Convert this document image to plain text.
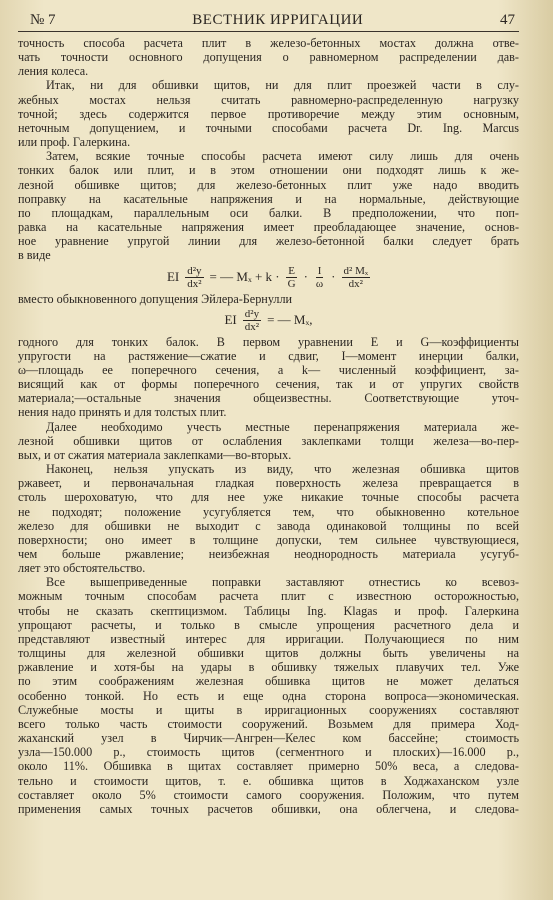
№ 7	ВЕСТНИК ИРРИГАЦИИ	47

точность способа расчета плит в железо-бетонных мостах должна отве-
чать точности основного допущения о равномерном распределении дав-
ления колеса.

Итак, ни для обшивки щитов, ни для плит проезжей части в слу-
жебных мостах нельзя считать равномерно-распределенную нагрузку
точной; здесь содержится первое противоречие между этим основным,
неточным допущением, и точными способами расчета Dr. Ing. Marcus
или проф. Галеркина.

Затем, всякие точные способы расчета имеют силу лишь для очень
тонких балок или плит, и в этом отношении они подходят лишь к же-
лезной обшивке щитов; для железо-бетонных плит уже надо вводить
поправку на касательные напряжения и на нормальные, действующие
по площадкам, параллельным оси балки. В предположении, что поп-
равка на касательные напряжения имеет преобладающее значение, основ-
ное уравнение упругой линии для железо-бетонной балки следует брать
в виде

EI $\frac{\text{d²y}}{\text{dx²}}$ = — $M_x + k \cdot \frac{E}{G} \cdot \frac{I}{\omega} \cdot \frac{\text{d² Mₓ}}{\text{dx²}}$

вместо обыкновенного допущения Эйлера-Бернулли

EI $\frac{\text{d²y}}{\text{dx²}}$ = — Mₓ,

годного для тонких балок. В первом уравнении E и G—коэффициенты
упругости на растяжение—сжатие и сдвиг, I—момент инерции балки,
ω—площадь ее поперечного сечения, а k— численный коэффициент, за-
висящий как от формы поперечного сечения, так и от упругих свойств
материала;—остальные значения общеизвестны. Соответствующие уточ-
нения надо принять и для толстых плит.

Далее необходимо учесть местные перенапряжения материала же-
лезной обшивки щитов от ослабления заклепками толщи железа—во-пер-
вых, и от сжатия материала заклепками—во-вторых.

Наконец, нельзя упускать из виду, что железная обшивка щитов
ржавеет, и первоначальная гладкая поверхность железа превращается в
столь шероховатую, что для нее уже никакие точные способы расчета
не подходят; положение усугубляется тем, что обыкновенно котельное
железо для обшивки не выходит с завода одинаковой толщины по всей
поверхности; оно имеет в толщине допуски, тем сильнее чувствующиеся,
чем больше ржавление; неизбежная неоднородность материала усугуб-
ляет это обстоятельство.

Все вышеприведенные поправки заставляют отнестись ко всевоз-
можным точным способам расчета плит с известною осторожностью,
чтобы не сказать скептицизмом. Таблицы Ing. Klagas и проф. Галеркина
упрощают расчеты, и только в смысле упрощения расчетного дела и
представляют известный интерес для ирригации. Получающиеся по ним
толщины для железной обшивки щитов должны быть увеличены на
ржавление и хотя-бы на удары в обшивку тяжелых плавучих тел. Уже
по этим соображениям железная обшивка щитов не может делаться
особенно тонкой. Но есть и еще одна сторона вопроса—экономическая.
Служебные мосты и щиты в ирригационных сооружениях составляют
всего только часть стоимости сооружений. Возьмем для примера Ход-
жаханский узел в Чирчик—Ангрен—Келес ком бассейне; стоимость
узла—150.000 р., стоимость щитов (сегментного и плоских)—16.000 р.,
около 11%. Обшивка в щитах составляет примерно 50% веса, а следова-
тельно и стоимости щитов, т. е. обшивка щитов в Ходжаханском узле
составляет около 5% стоимости самого сооружения. Положим, что путем
применения самых точных расчетов обшивки, она облегчена, и следова-
